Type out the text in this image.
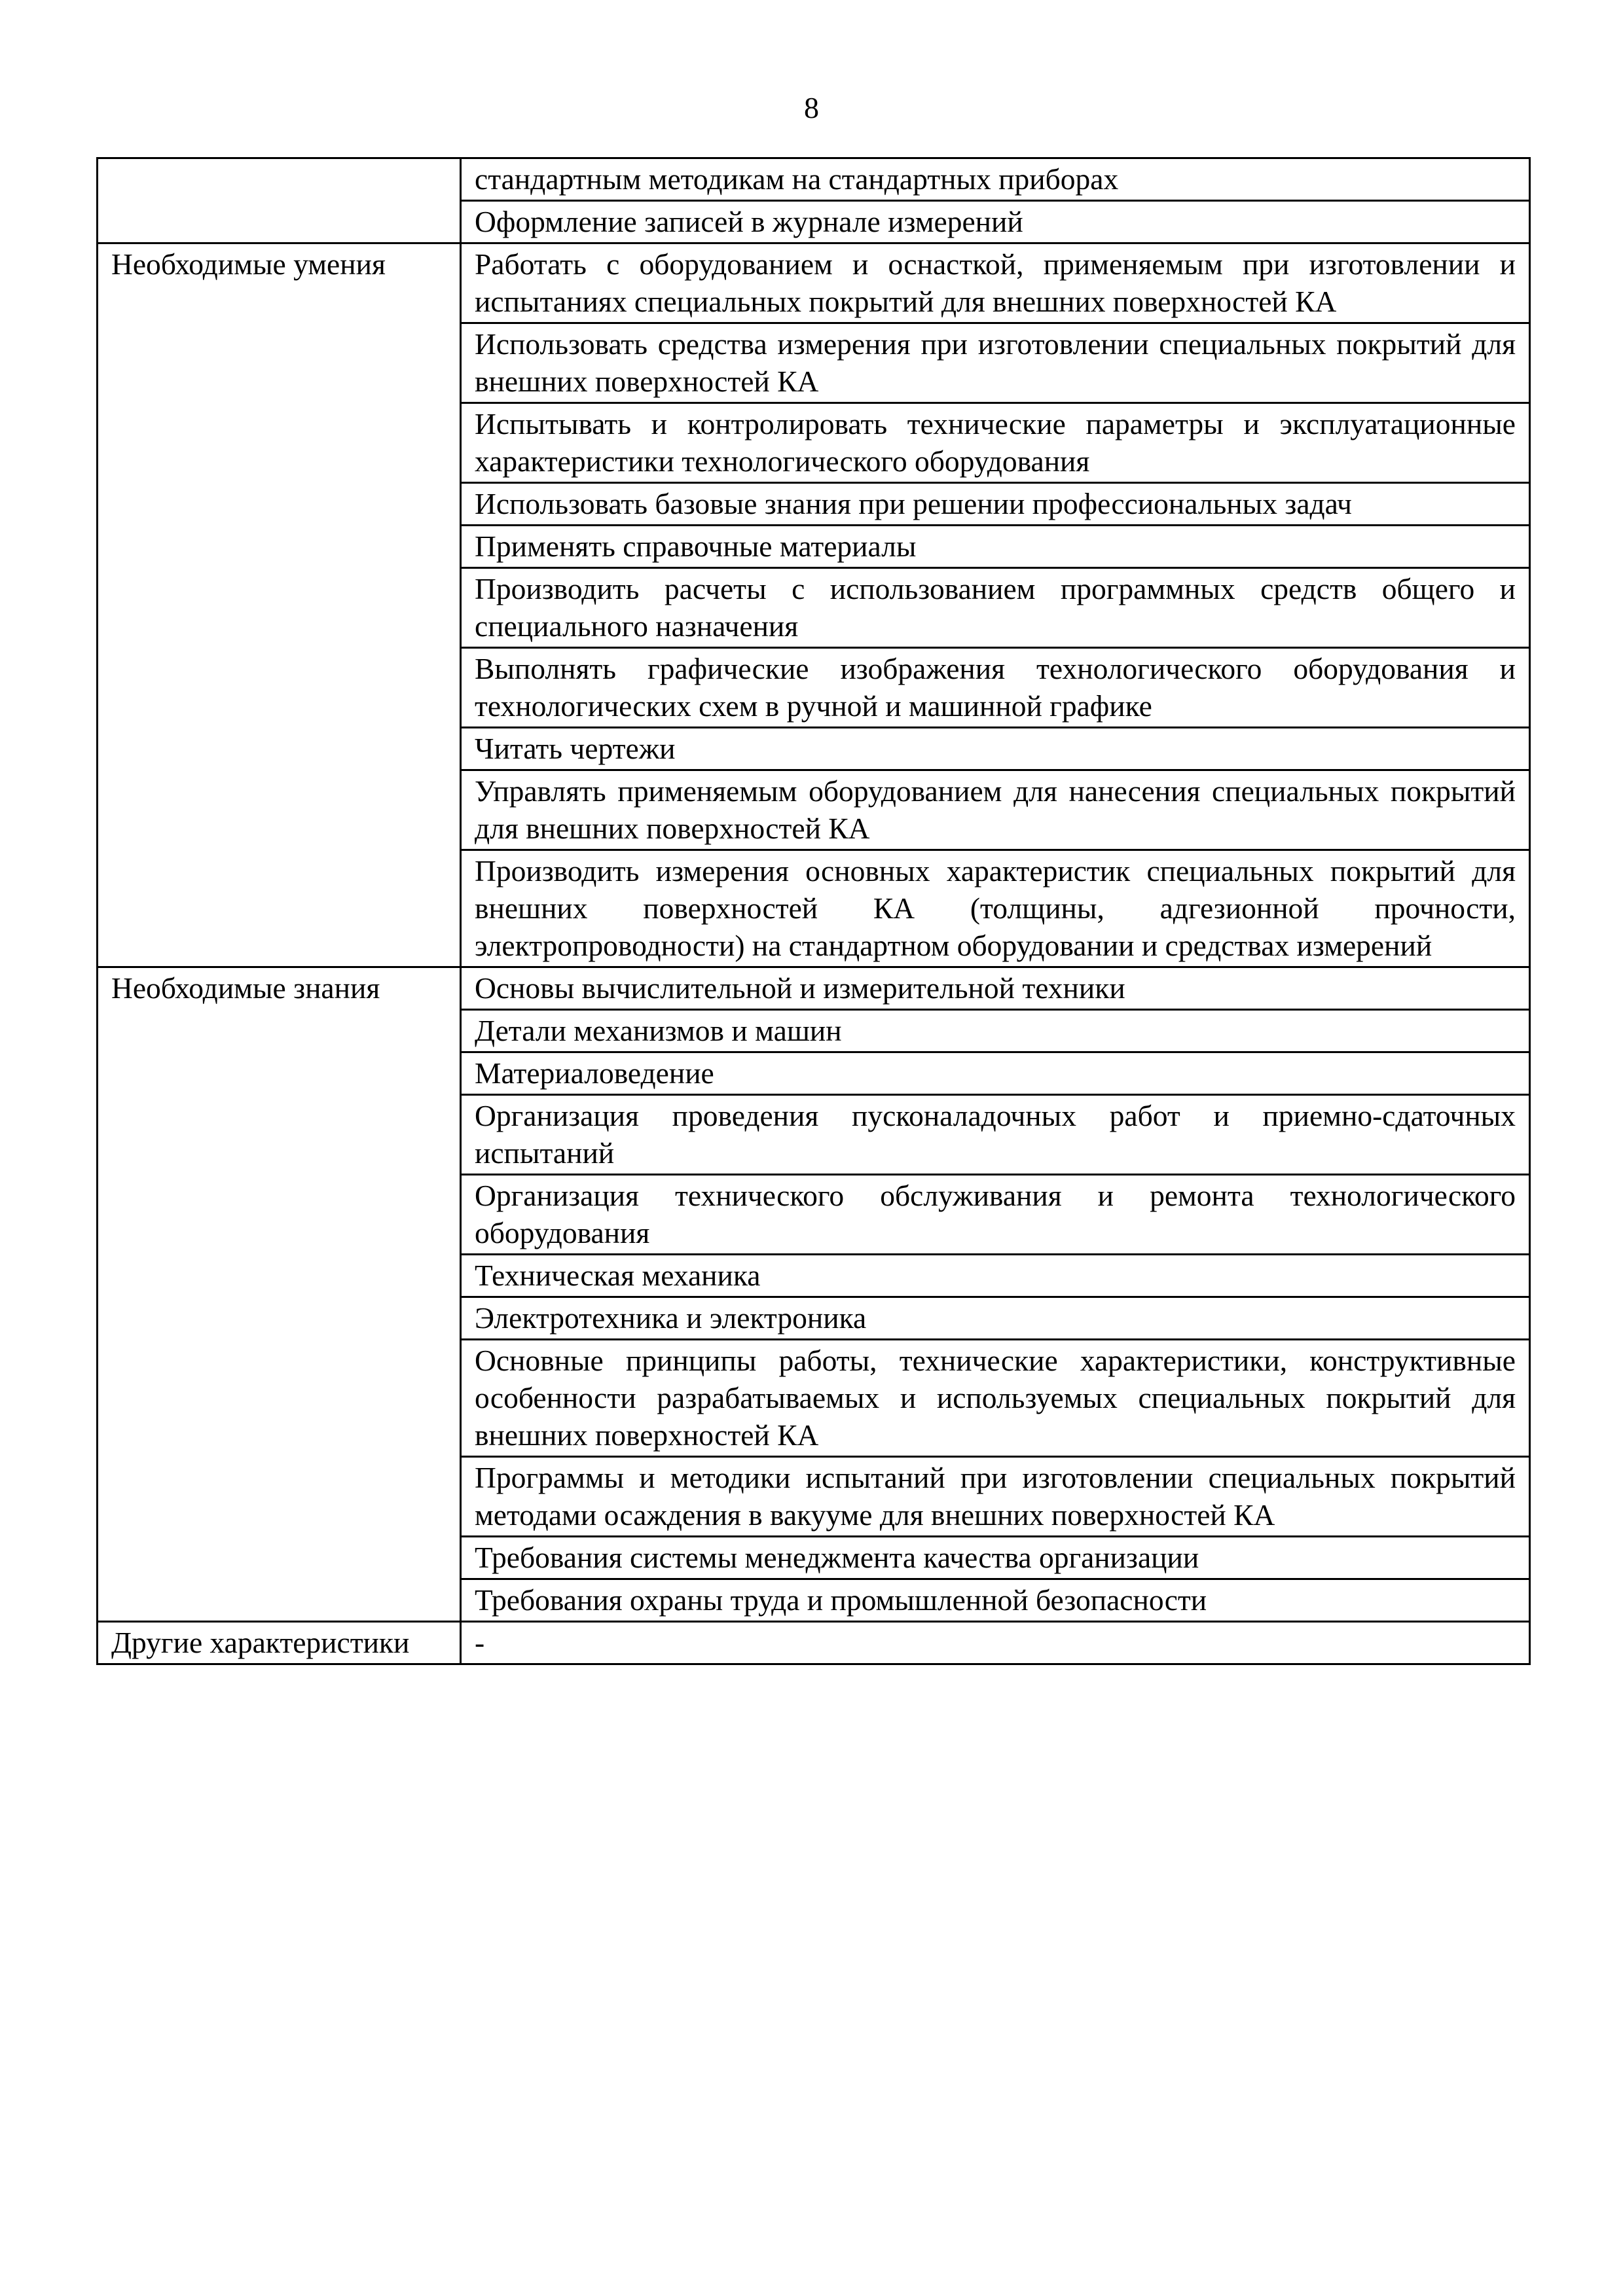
8
	стандартным методикам на стандартных приборах
	Оформление записей в журнале измерений
Необходимые умения	Работать с оборудованием и оснасткой, применяемым при изготовлении и испытаниях специальных покрытий для внешних поверхностей КА
	Использовать средства измерения при изготовлении специальных покрытий для внешних поверхностей КА
	Испытывать и контролировать технические параметры и эксплуатационные характеристики технологического оборудования
	Использовать базовые знания при решении профессиональных задач
	Применять справочные материалы
	Производить расчеты с использованием программных средств общего и специального назначения
	Выполнять графические изображения технологического оборудования и технологических схем в ручной и машинной графике
	Читать чертежи
	Управлять применяемым оборудованием для нанесения специальных покрытий для внешних поверхностей КА
	Производить измерения основных характеристик специальных покрытий для внешних поверхностей КА (толщины, адгезионной прочности, электропроводности) на стандартном оборудовании и средствах измерений
Необходимые знания	Основы вычислительной и измерительной техники
	Детали механизмов и машин
	Материаловедение
	Организация проведения пусконаладочных работ и приемно-сдаточных испытаний
	Организация технического обслуживания и ремонта технологического оборудования
	Техническая механика
	Электротехника и электроника
	Основные принципы работы, технические характеристики, конструктивные особенности разрабатываемых и используемых специальных покрытий для внешних поверхностей КА
	Программы и методики испытаний при изготовлении специальных покрытий методами осаждения в вакууме для внешних поверхностей КА
	Требования системы менеджмента качества организации
	Требования охраны труда и промышленной безопасности
Другие характеристики	-
